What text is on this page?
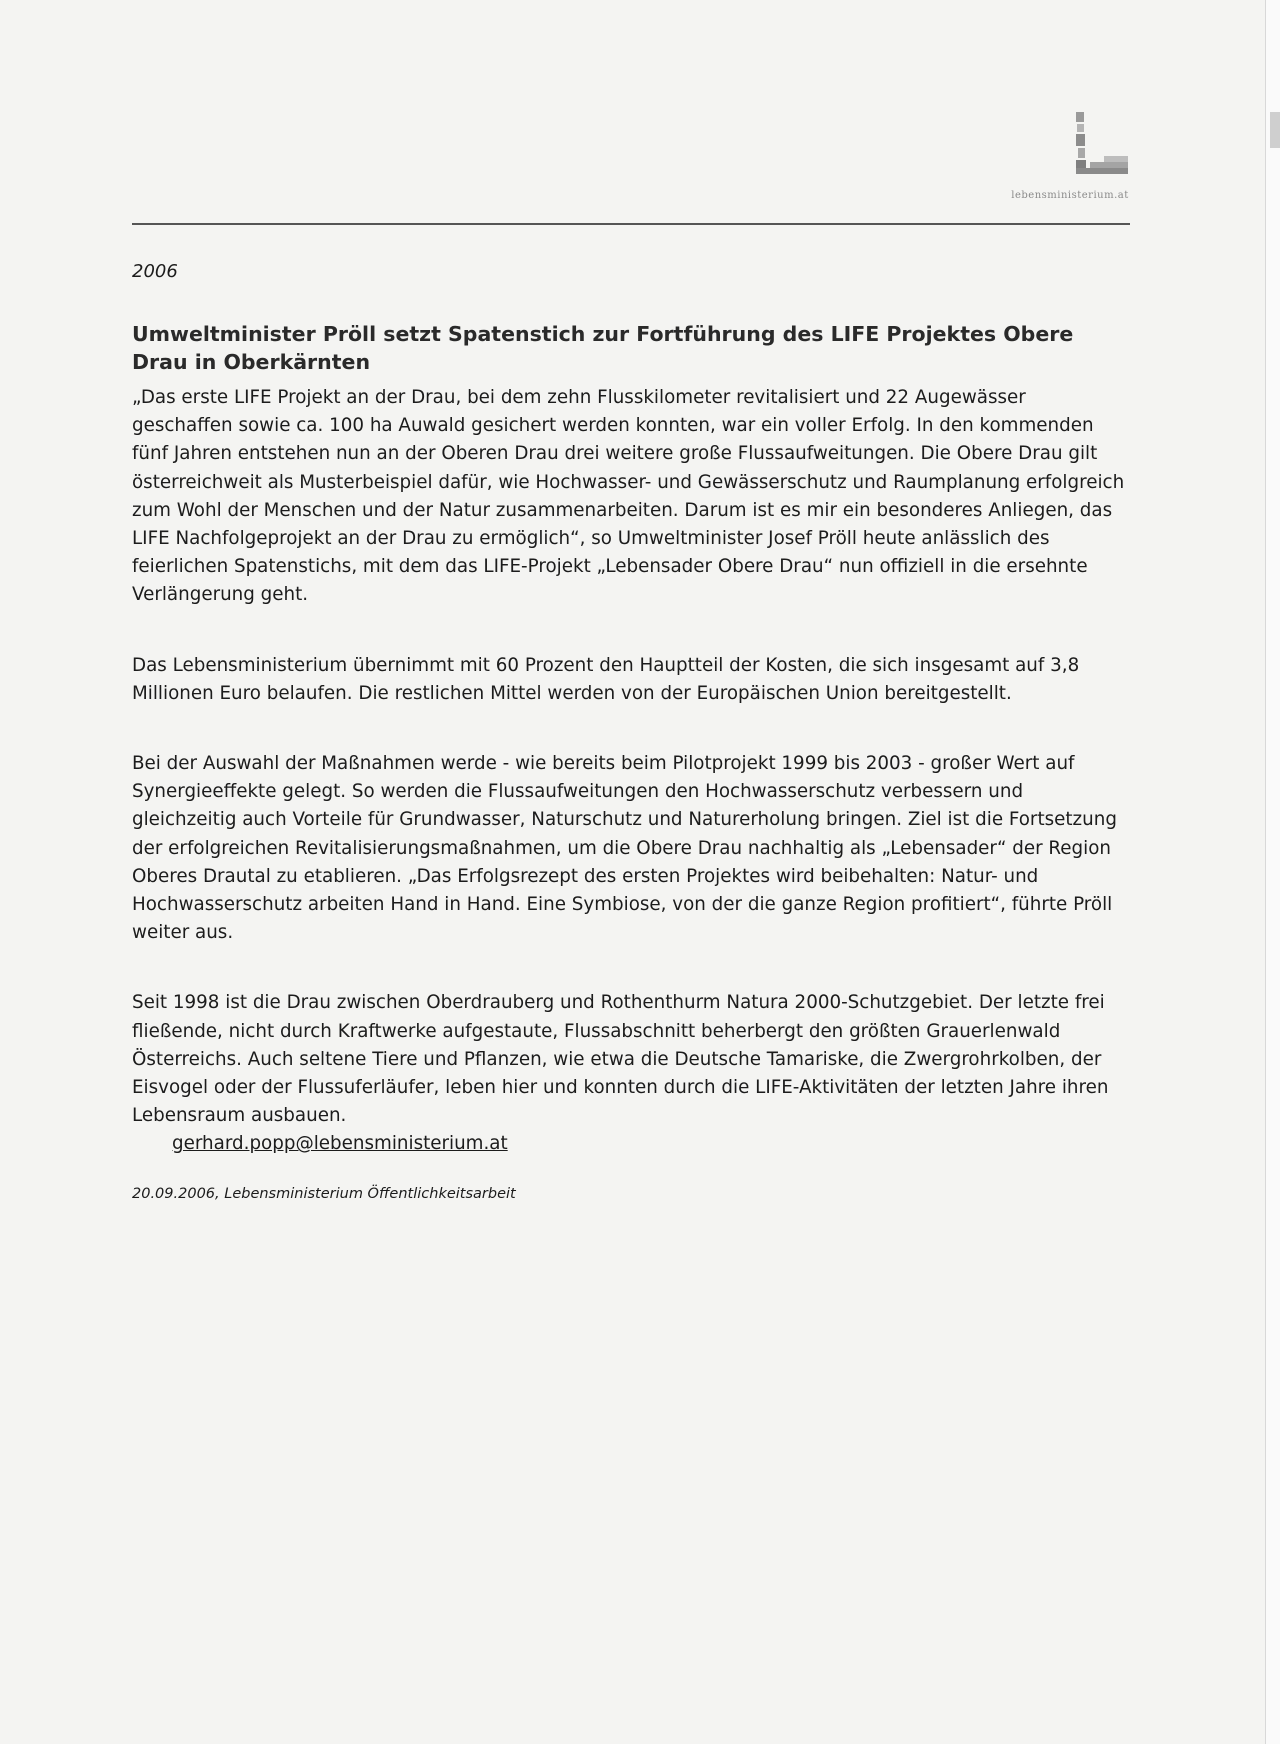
lebensministerium.at
2006
Umweltminister Pröll setzt Spatenstich zur Fortführung des LIFE Projektes Obere Drau in Oberkärnten

„Das erste LIFE Projekt an der Drau, bei dem zehn Flusskilometer revitalisiert und 22 Augewässer geschaffen sowie ca. 100 ha Auwald gesichert werden konnten, war ein voller Erfolg. In den kommenden fünf Jahren entstehen nun an der Oberen Drau drei weitere große Flussaufweitungen. Die Obere Drau gilt österreichweit als Musterbeispiel dafür, wie Hochwasser- und Gewässerschutz und Raumplanung erfolgreich zum Wohl der Menschen und der Natur zusammenarbeiten. Darum ist es mir ein besonderes Anliegen, das LIFE Nachfolgeprojekt an der Drau zu ermöglich“, so Umweltminister Josef Pröll heute anlässlich des feierlichen Spatenstichs, mit dem das LIFE-Projekt „Lebensader Obere Drau“ nun offiziell in die ersehnte Verlängerung geht.

Das Lebensministerium übernimmt mit 60 Prozent den Hauptteil der Kosten, die sich insgesamt auf 3,8 Millionen Euro belaufen. Die restlichen Mittel werden von der Europäischen Union bereitgestellt.

Bei der Auswahl der Maßnahmen werde - wie bereits beim Pilotprojekt 1999 bis 2003 - großer Wert auf Synergieeffekte gelegt. So werden die Flussaufweitungen den Hochwasserschutz verbessern und gleichzeitig auch Vorteile für Grundwasser, Naturschutz und Naturerholung bringen. Ziel ist die Fortsetzung der erfolgreichen Revitalisierungsmaßnahmen, um die Obere Drau nachhaltig als „Lebensader“ der Region Oberes Drautal zu etablieren. „Das Erfolgsrezept des ersten Projektes wird beibehalten: Natur- und Hochwasserschutz arbeiten Hand in Hand. Eine Symbiose, von der die ganze Region profitiert“, führte Pröll weiter aus.

Seit 1998 ist die Drau zwischen Oberdrauberg und Rothenthurm Natura 2000-Schutzgebiet. Der letzte frei fließende, nicht durch Kraftwerke aufgestaute, Flussabschnitt beherbergt den größten Grauerlenwald Österreichs. Auch seltene Tiere und Pflanzen, wie etwa die Deutsche Tamariske, die Zwergrohrkolben, der Eisvogel oder der Flussuferläufer, leben hier und konnten durch die LIFE-Aktivitäten der letzten Jahre ihren Lebensraum ausbauen.

gerhard.popp@lebensministerium.at
20.09.2006, Lebensministerium Öffentlichkeitsarbeit
